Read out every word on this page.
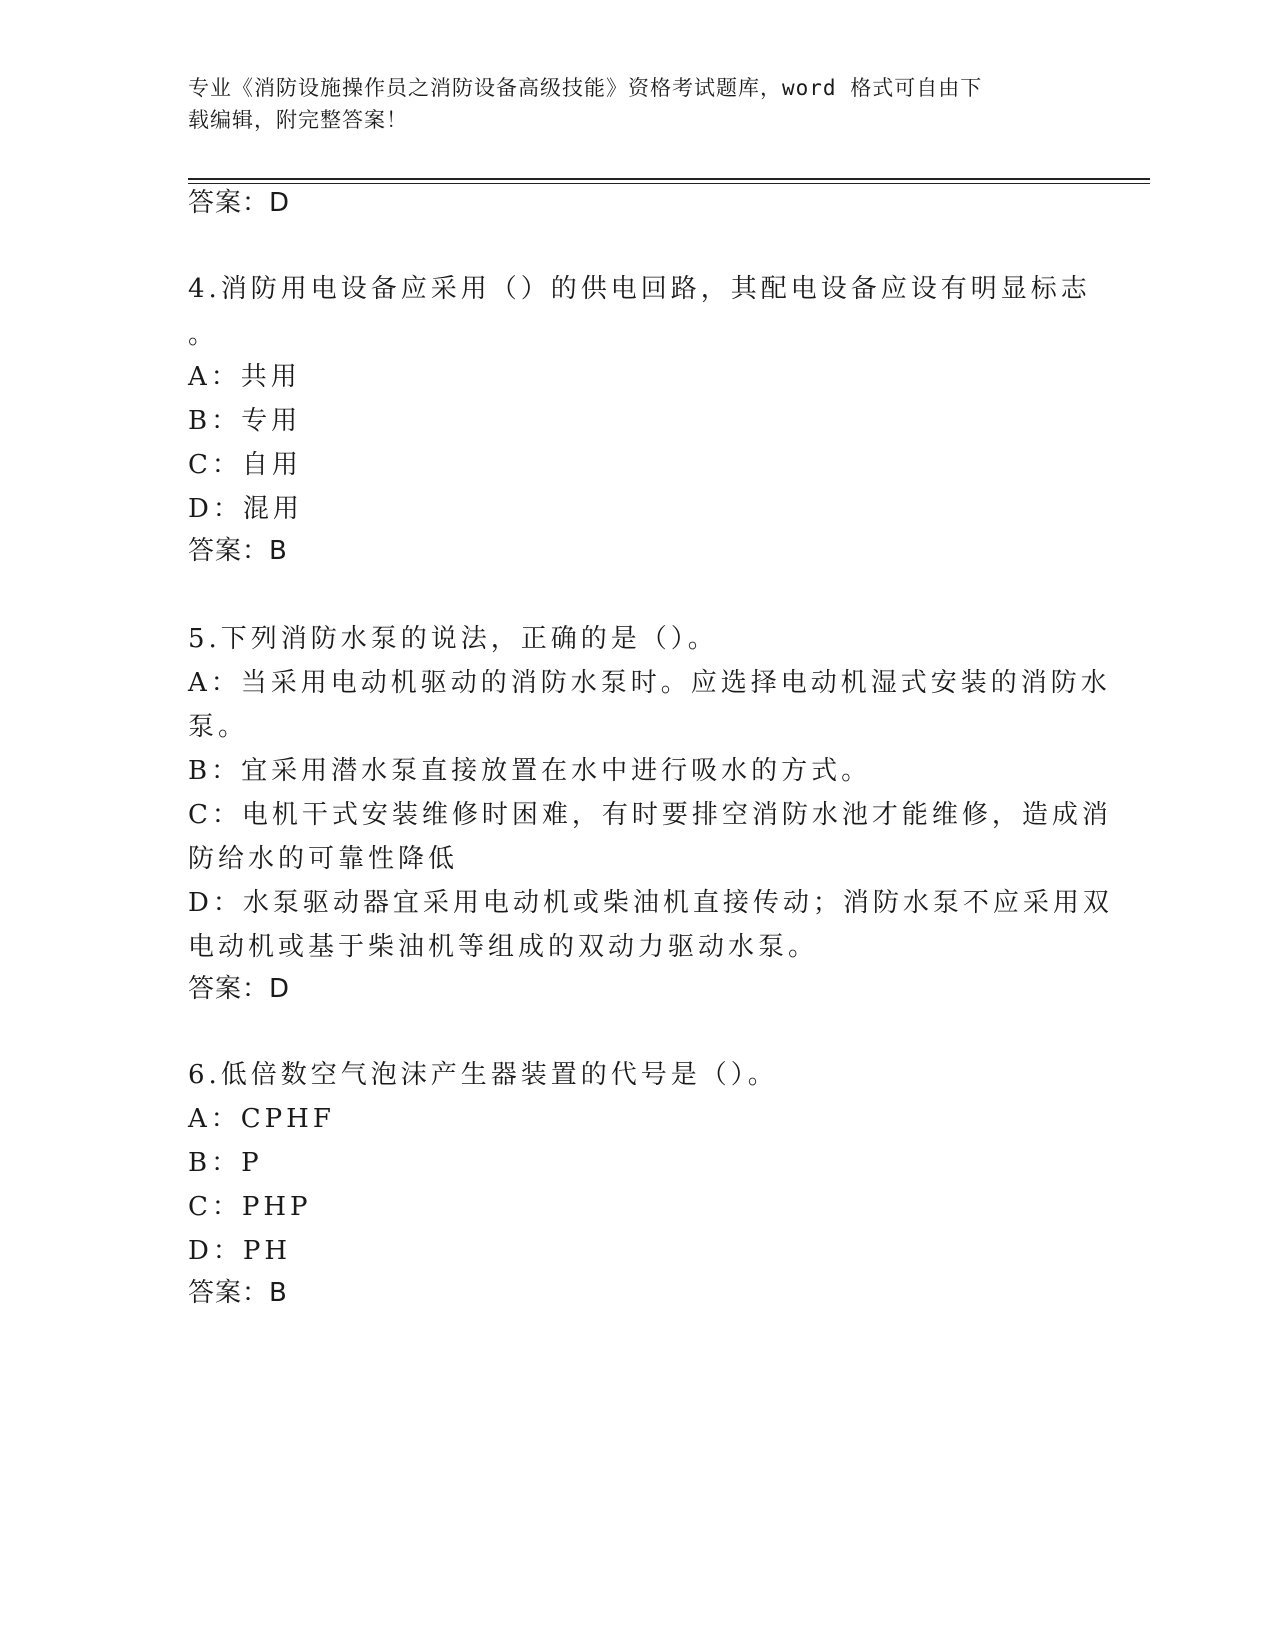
专业《消防设施操作员之消防设备高级技能》资格考试题库，word 格式可自由下
载编辑，附完整答案！
答案：D
4.消防用电设备应采用（）的供电回路，其配电设备应设有明显标志
。
A：共用
B：专用
C：自用
D：混用
答案：B
5.下列消防水泵的说法，正确的是（）。
A：当采用电动机驱动的消防水泵时。应选择电动机湿式安装的消防水
泵。
B：宜采用潜水泵直接放置在水中进行吸水的方式。
C：电机干式安装维修时困难，有时要排空消防水池才能维修，造成消
防给水的可靠性降低
D：水泵驱动器宜采用电动机或柴油机直接传动；消防水泵不应采用双
电动机或基于柴油机等组成的双动力驱动水泵。
答案：D
6.低倍数空气泡沫产生器装置的代号是（）。
A：CPHF
B：P
C：PHP
D：PH
答案：B
